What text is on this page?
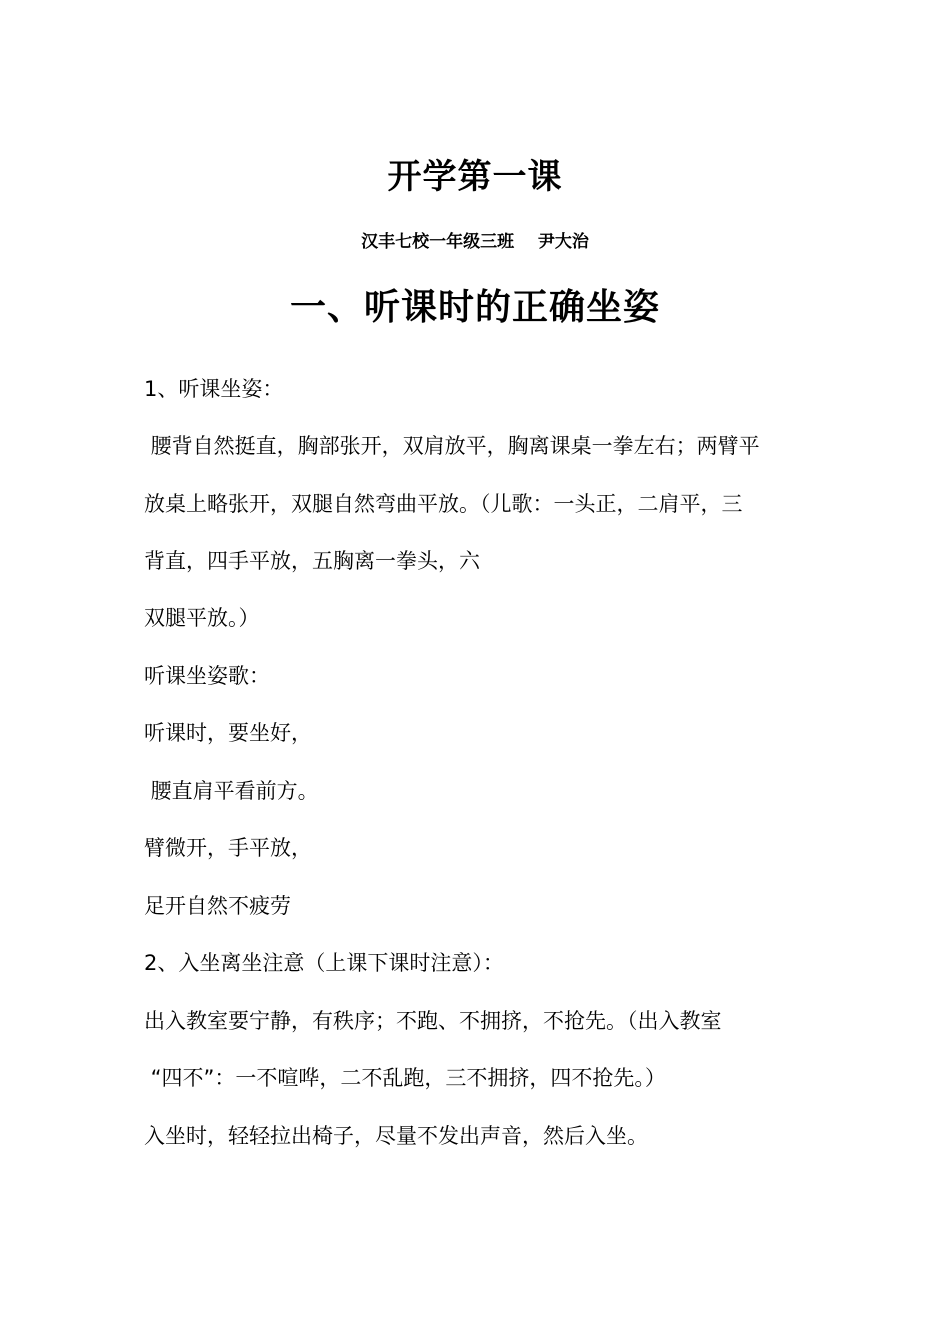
开学第一课
汉丰七校一年级三班    尹大治
一、听课时的正确坐姿
1、听课坐姿：
腰背自然挺直，胸部张开，双肩放平，胸离课桌一拳左右；两臂平
放桌上略张开，双腿自然弯曲平放。（儿歌：一头正，二肩平，三
背直，四手平放，五胸离一拳头，六
双腿平放。）
听课坐姿歌：
听课时，要坐好，
腰直肩平看前方。
臂微开，手平放，
足开自然不疲劳
2、入坐离坐注意（上课下课时注意）：
出入教室要宁静，有秩序；不跑、不拥挤，不抢先。（出入教室
“四不”：一不喧哗，二不乱跑，三不拥挤，四不抢先。）
入坐时，轻轻拉出椅子，尽量不发出声音，然后入坐。
